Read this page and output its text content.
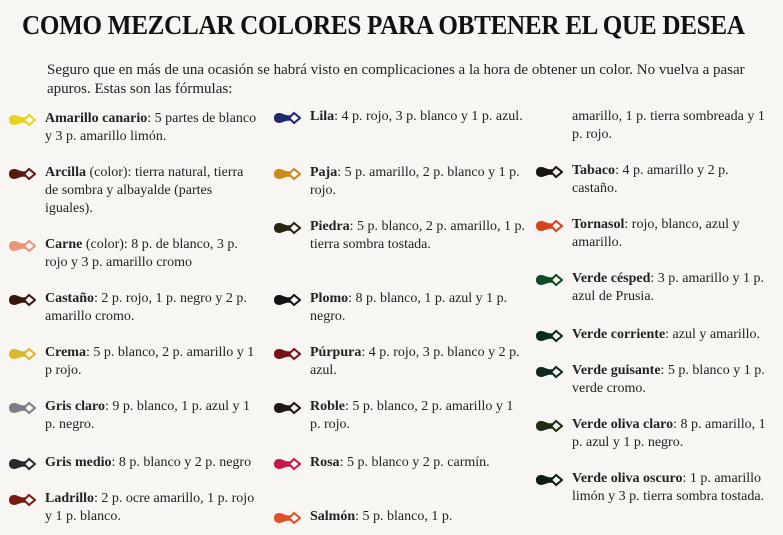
COMO MEZCLAR COLORES PARA OBTENER EL QUE DESEA
Seguro que en más de una ocasión se habrá visto en complicaciones a la hora de obtener un color. No vuelva a pasar apuros. Estas son las fórmulas:
Amarillo canario: 5 partes de blanco y 3 p. amarillo limón.
Arcilla (color): tierra natural, tierra de sombra y albayalde (partes iguales).
Carne (color): 8 p. de blanco, 3 p. rojo y 3 p. amarillo cromo
Castaño: 2 p. rojo, 1 p. negro y 2 p. amarillo cromo.
Crema: 5 p. blanco, 2 p. amarillo y 1 p rojo.
Gris claro: 9 p. blanco, 1 p. azul y 1 p. negro.
Gris medio: 8 p. blanco y 2 p. negro
Ladrillo: 2 p. ocre amarillo, 1 p. rojo y 1 p. blanco.
Lila: 4 p. rojo, 3 p. blanco y 1 p. azul.
Paja: 5 p. amarillo, 2 p. blanco y 1 p. rojo.
Piedra: 5 p. blanco, 2 p. amarillo, 1 p. tierra sombra tostada.
Plomo: 8 p. blanco, 1 p. azul y 1 p. negro.
Púrpura: 4 p. rojo, 3 p. blanco y 2 p. azul.
Roble: 5 p. blanco, 2 p. amarillo y 1 p. rojo.
Rosa: 5 p. blanco y 2 p. carmín.
Salmón: 5 p. blanco, 1 p.
amarillo, 1 p. tierra sombreada y 1 p. rojo.
Tabaco: 4 p. amarillo y 2 p. castaño.
Tornasol: rojo, blanco, azul y amarillo.
Verde césped: 3 p. amarillo y 1 p. azul de Prusia.
Verde corriente: azul y amarillo.
Verde guisante: 5 p. blanco y 1 p. verde cromo.
Verde oliva claro: 8 p. amarillo, 1 p. azul y 1 p. negro.
Verde oliva oscuro: 1 p. amarillo limón y 3 p. tierra sombra tostada.
